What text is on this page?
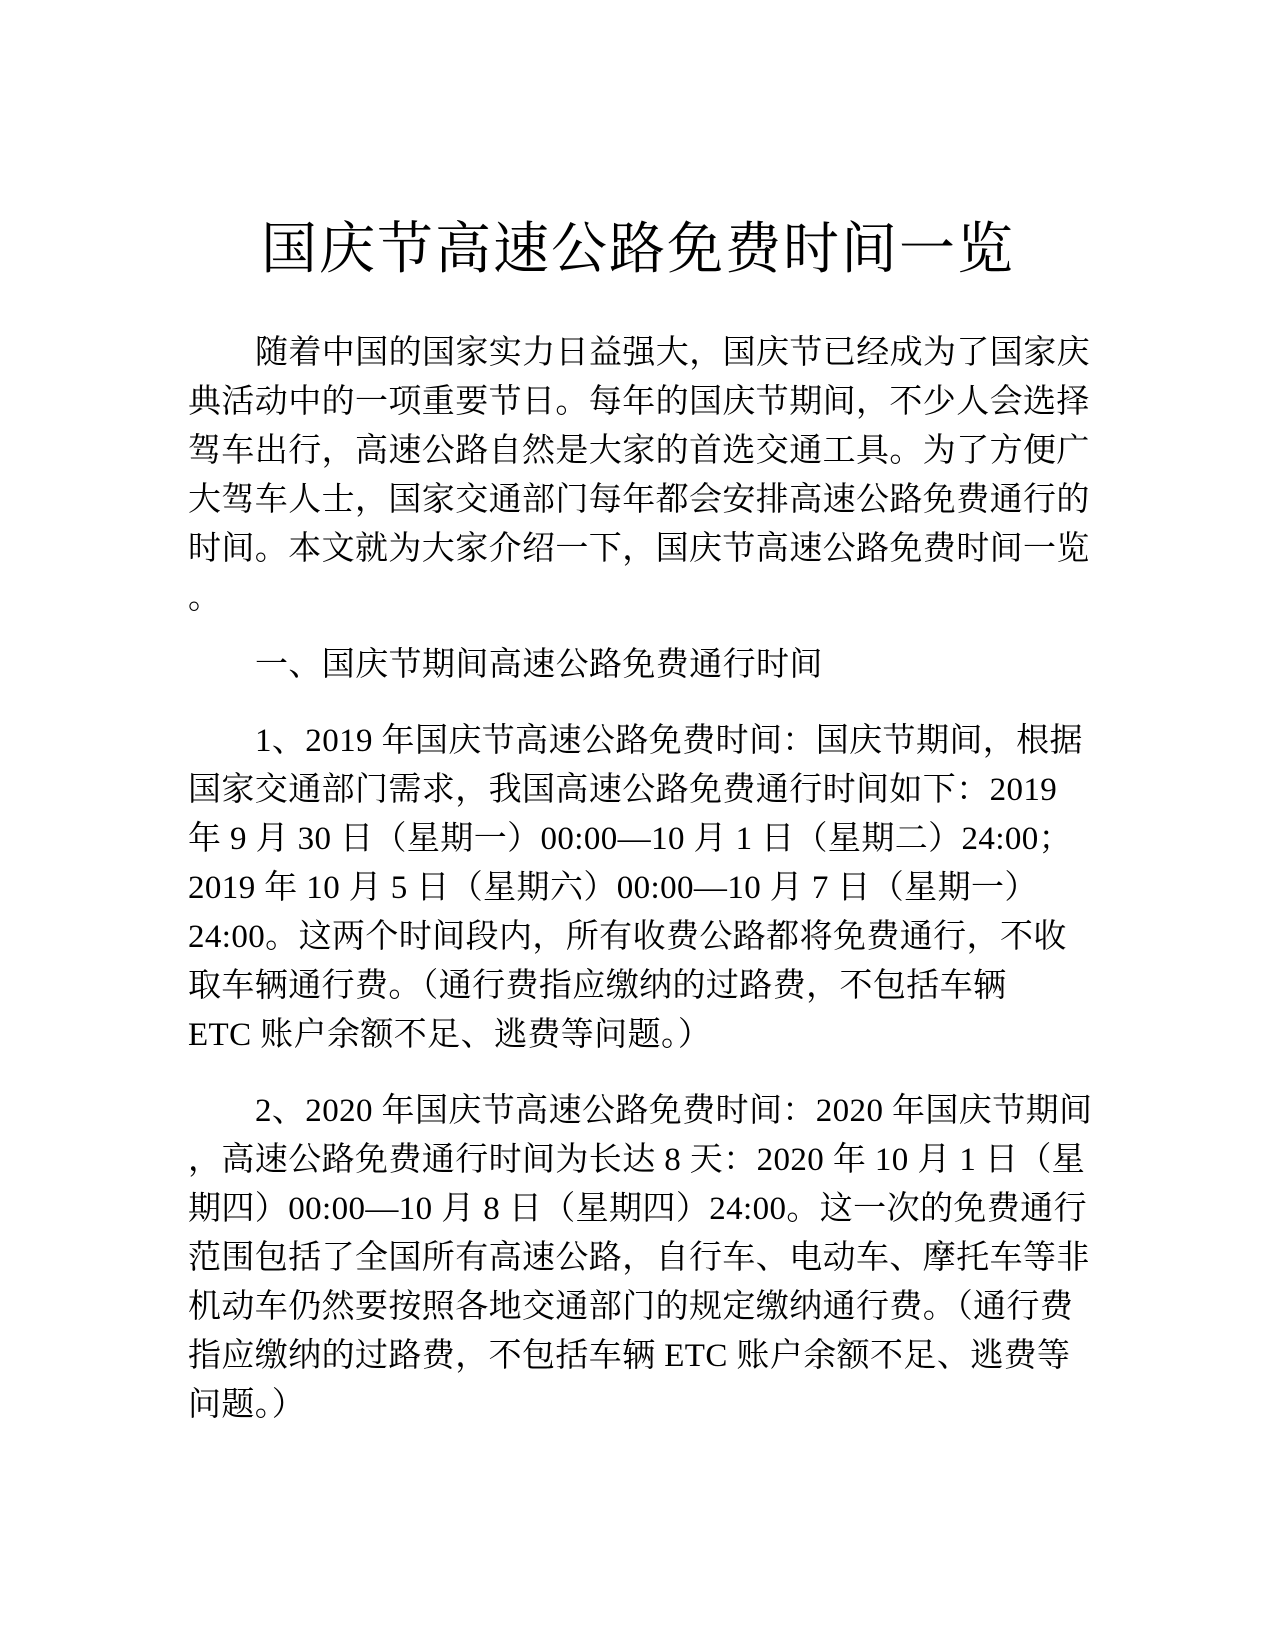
国庆节高速公路免费时间一览
随着中国的国家实力日益强大，国庆节已经成为了国家庆
典活动中的一项重要节日。每年的国庆节期间，不少人会选择
驾车出行，高速公路自然是大家的首选交通工具。为了方便广
大驾车人士，国家交通部门每年都会安排高速公路免费通行的
时间。本文就为大家介绍一下，国庆节高速公路免费时间一览
。
一、国庆节期间高速公路免费通行时间
1、2019 年国庆节高速公路免费时间：国庆节期间，根据
国家交通部门需求，我国高速公路免费通行时间如下：2019
年 9 月 30 日（星期一）00:00—10 月 1 日（星期二）24:00；
2019 年 10 月 5 日（星期六）00:00—10 月 7 日（星期一）
24:00。这两个时间段内，所有收费公路都将免费通行，不收
取车辆通行费。（通行费指应缴纳的过路费，不包括车辆
ETC 账户余额不足、逃费等问题。）
2、2020 年国庆节高速公路免费时间：2020 年国庆节期间
，高速公路免费通行时间为长达 8 天：2020 年 10 月 1 日（星
期四）00:00—10 月 8 日（星期四）24:00。这一次的免费通行
范围包括了全国所有高速公路，自行车、电动车、摩托车等非
机动车仍然要按照各地交通部门的规定缴纳通行费。（通行费
指应缴纳的过路费，不包括车辆 ETC 账户余额不足、逃费等
问题。）
